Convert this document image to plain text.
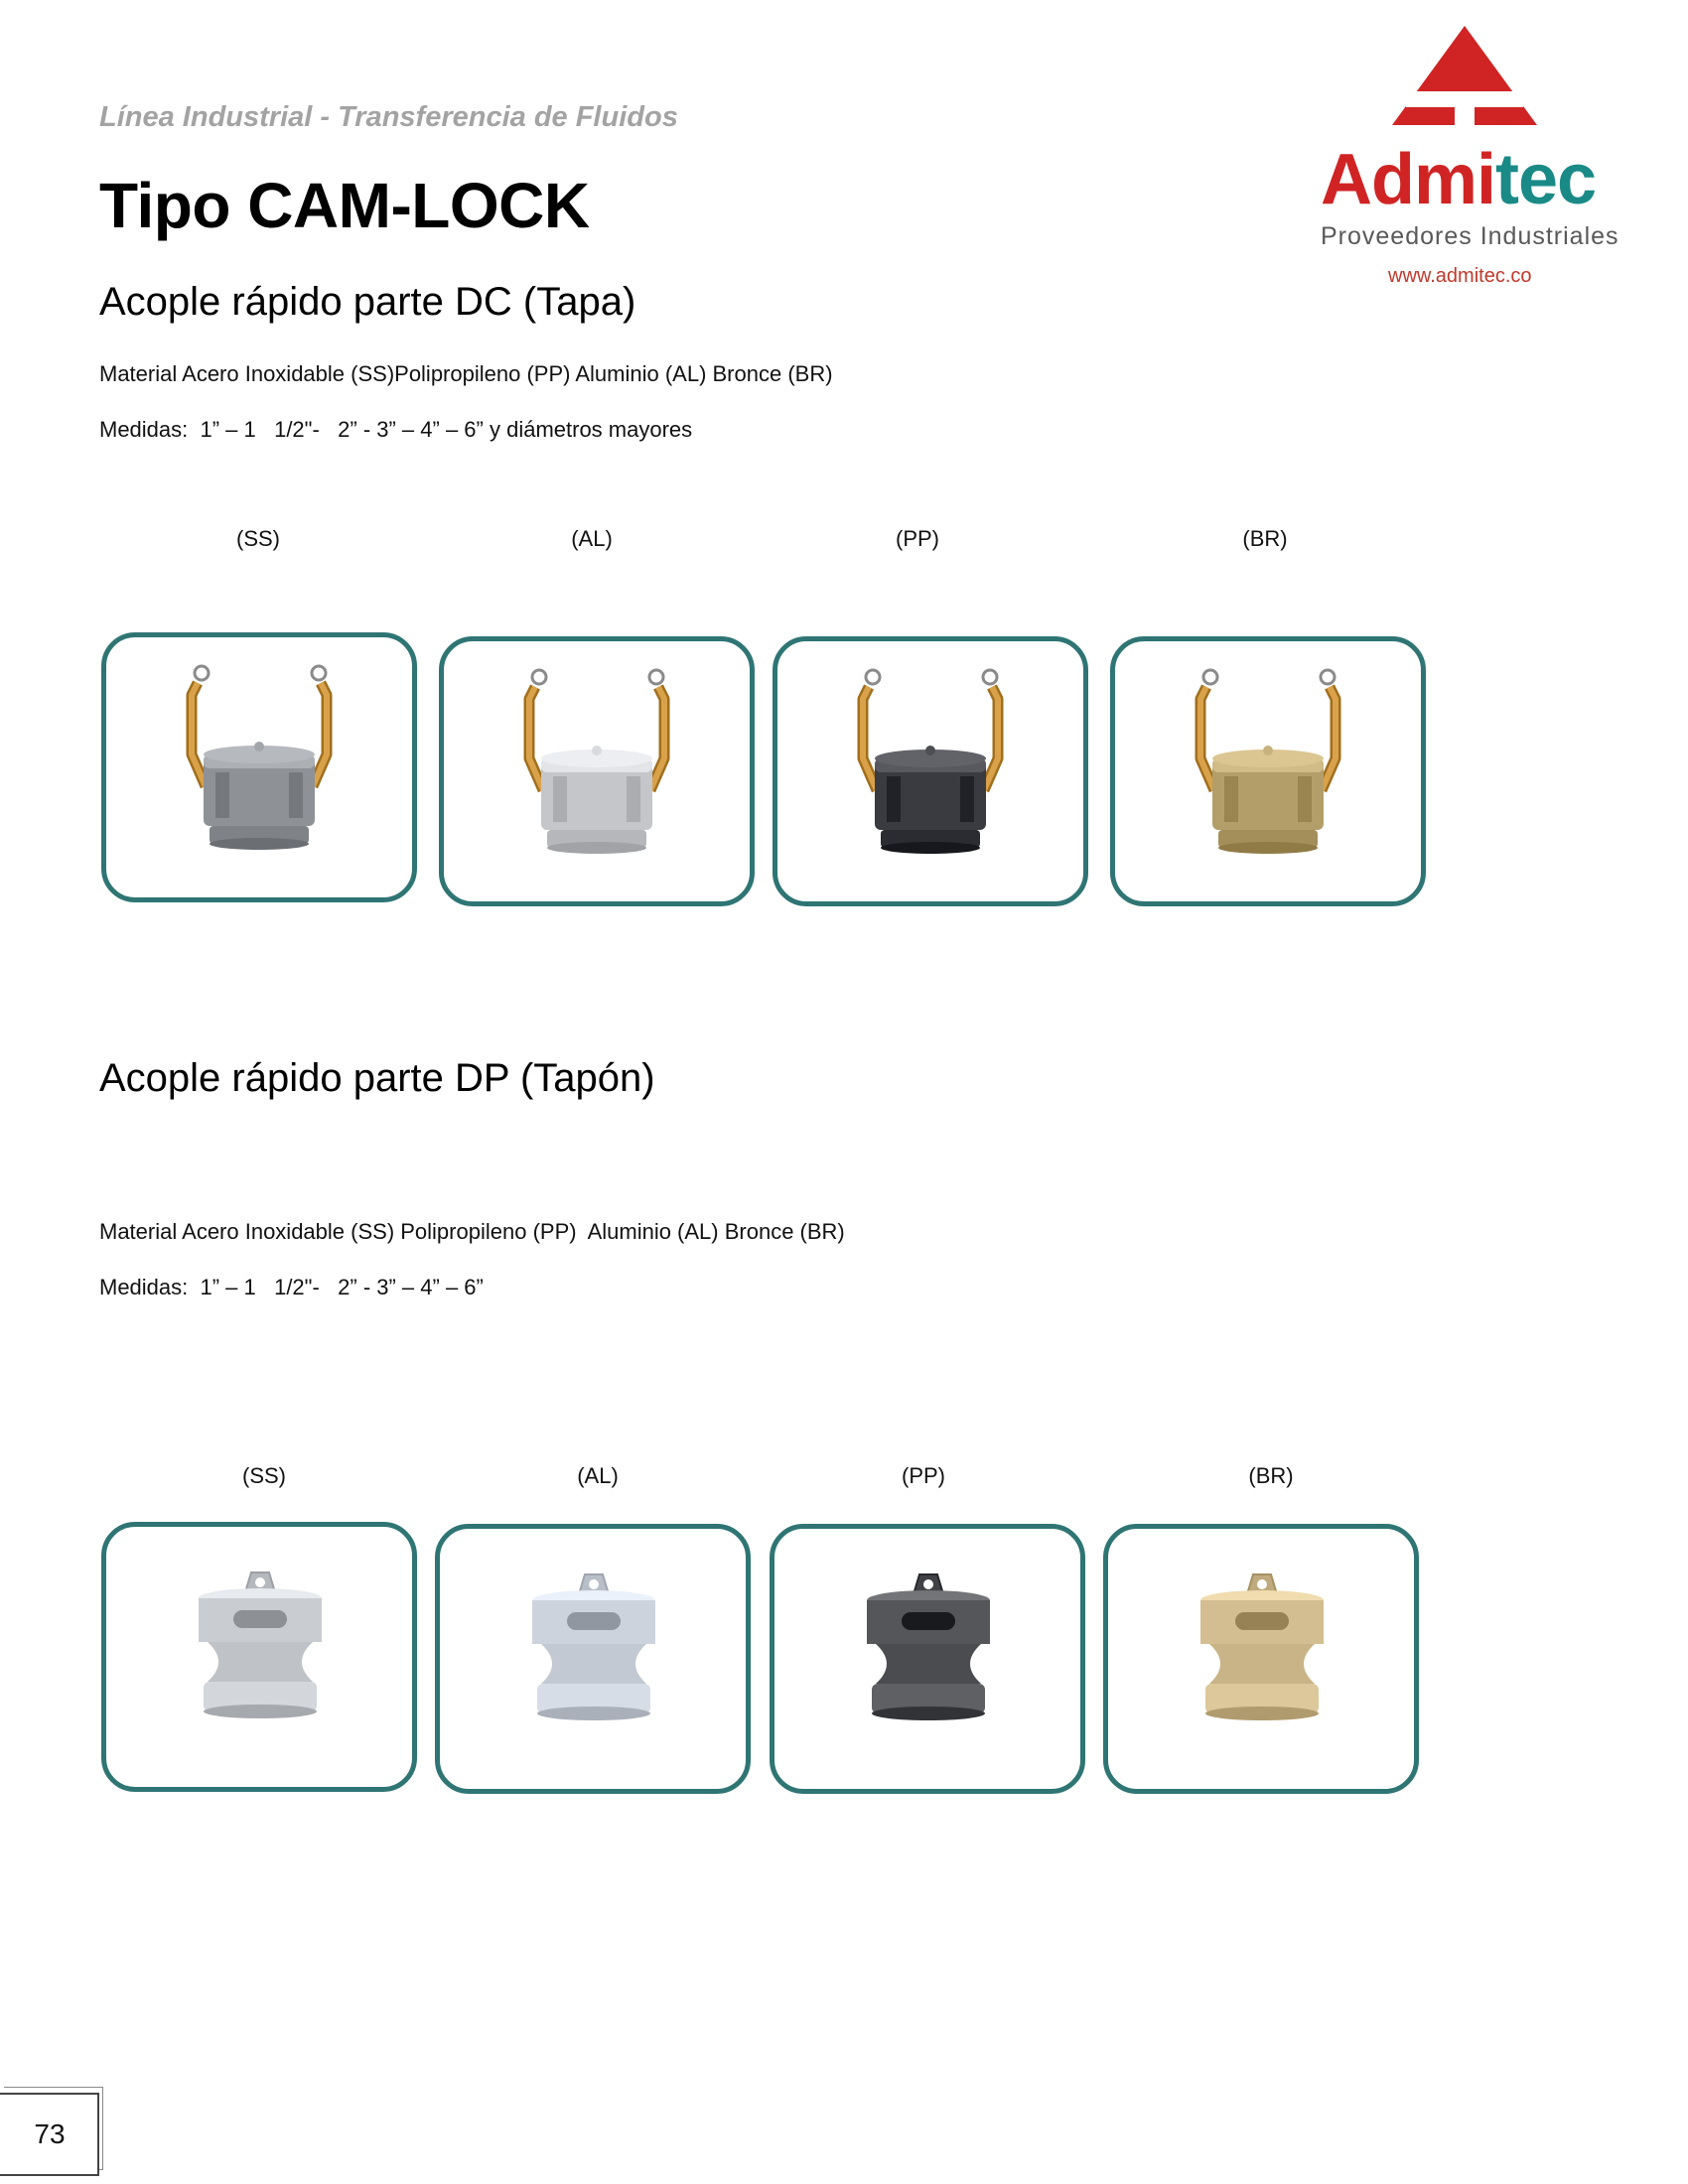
Línea Industrial - Transferencia de Fluidos
Tipo CAM-LOCK	Admitec
Proveedores Industriales
www.admitec.co
Acople rápido parte DC (Tapa)
Material Acero Inoxidable (SS)Polipropileno (PP) Aluminio (AL) Bronce (BR)
Medidas:  1” – 1   1/2"-   2” - 3” – 4” – 6” y diámetros mayores
(SS)	(AL)	(PP)	(BR)
Acople rápido parte DP (Tapón)
Material Acero Inoxidable (SS) Polipropileno (PP)  Aluminio (AL) Bronce (BR)
Medidas:  1” – 1   1/2"-   2” - 3” – 4” – 6”
(SS)	(AL)	(PP)	(BR)
73
